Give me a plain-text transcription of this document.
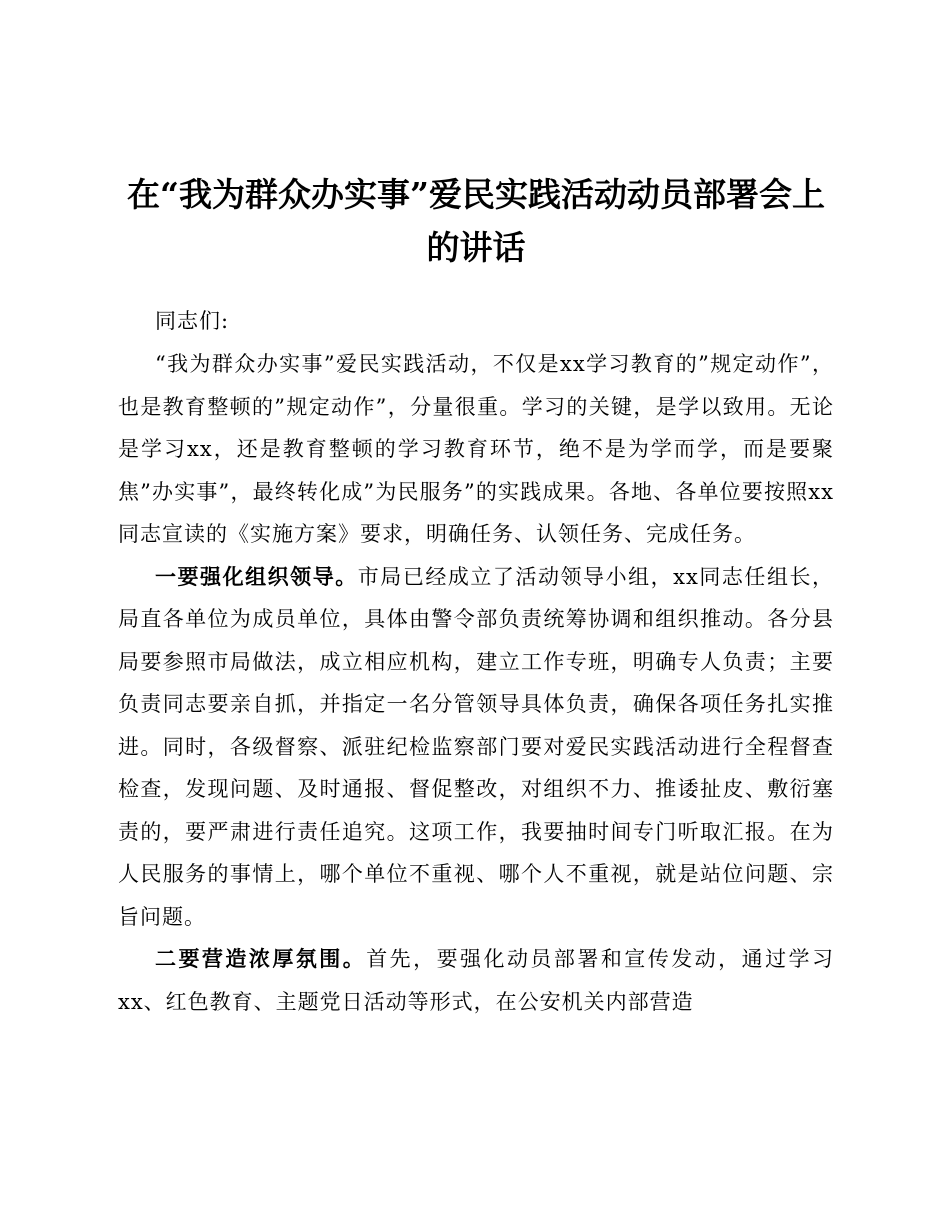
在“我为群众办实事”爱民实践活动动员部署会上的讲话

同志们:

“我为群众办实事”爱民实践活动，不仅是xx学习教育的”规定动作”，也是教育整顿的”规定动作”，分量很重。学习的关键，是学以致用。无论是学习xx，还是教育整顿的学习教育环节，绝不是为学而学，而是要聚焦”办实事”，最终转化成”为民服务”的实践成果。各地、各单位要按照xx同志宣读的《实施方案》要求，明确任务、认领任务、完成任务。

一要强化组织领导。市局已经成立了活动领导小组，xx同志任组长，局直各单位为成员单位，具体由警令部负责统筹协调和组织推动。各分县局要参照市局做法，成立相应机构，建立工作专班，明确专人负责；主要负责同志要亲自抓，并指定一名分管领导具体负责，确保各项任务扎实推进。同时，各级督察、派驻纪检监察部门要对爱民实践活动进行全程督查检查，发现问题、及时通报、督促整改，对组织不力、推诿扯皮、敷衍塞责的，要严肃进行责任追究。这项工作，我要抽时间专门听取汇报。在为人民服务的事情上，哪个单位不重视、哪个人不重视，就是站位问题、宗旨问题。

二要营造浓厚氛围。首先，要强化动员部署和宣传发动，通过学习xx、红色教育、主题党日活动等形式，在公安机关内部营造
